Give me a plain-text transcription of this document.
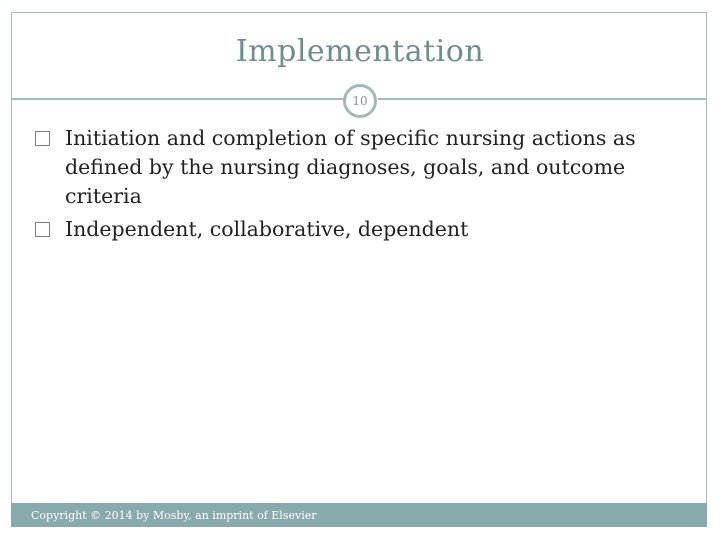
Implementation
10
Initiation and completion of specific nursing actions as defined by the nursing diagnoses, goals, and outcome criteria
Independent, collaborative, dependent
Copyright © 2014 by Mosby, an imprint of Elsevier
